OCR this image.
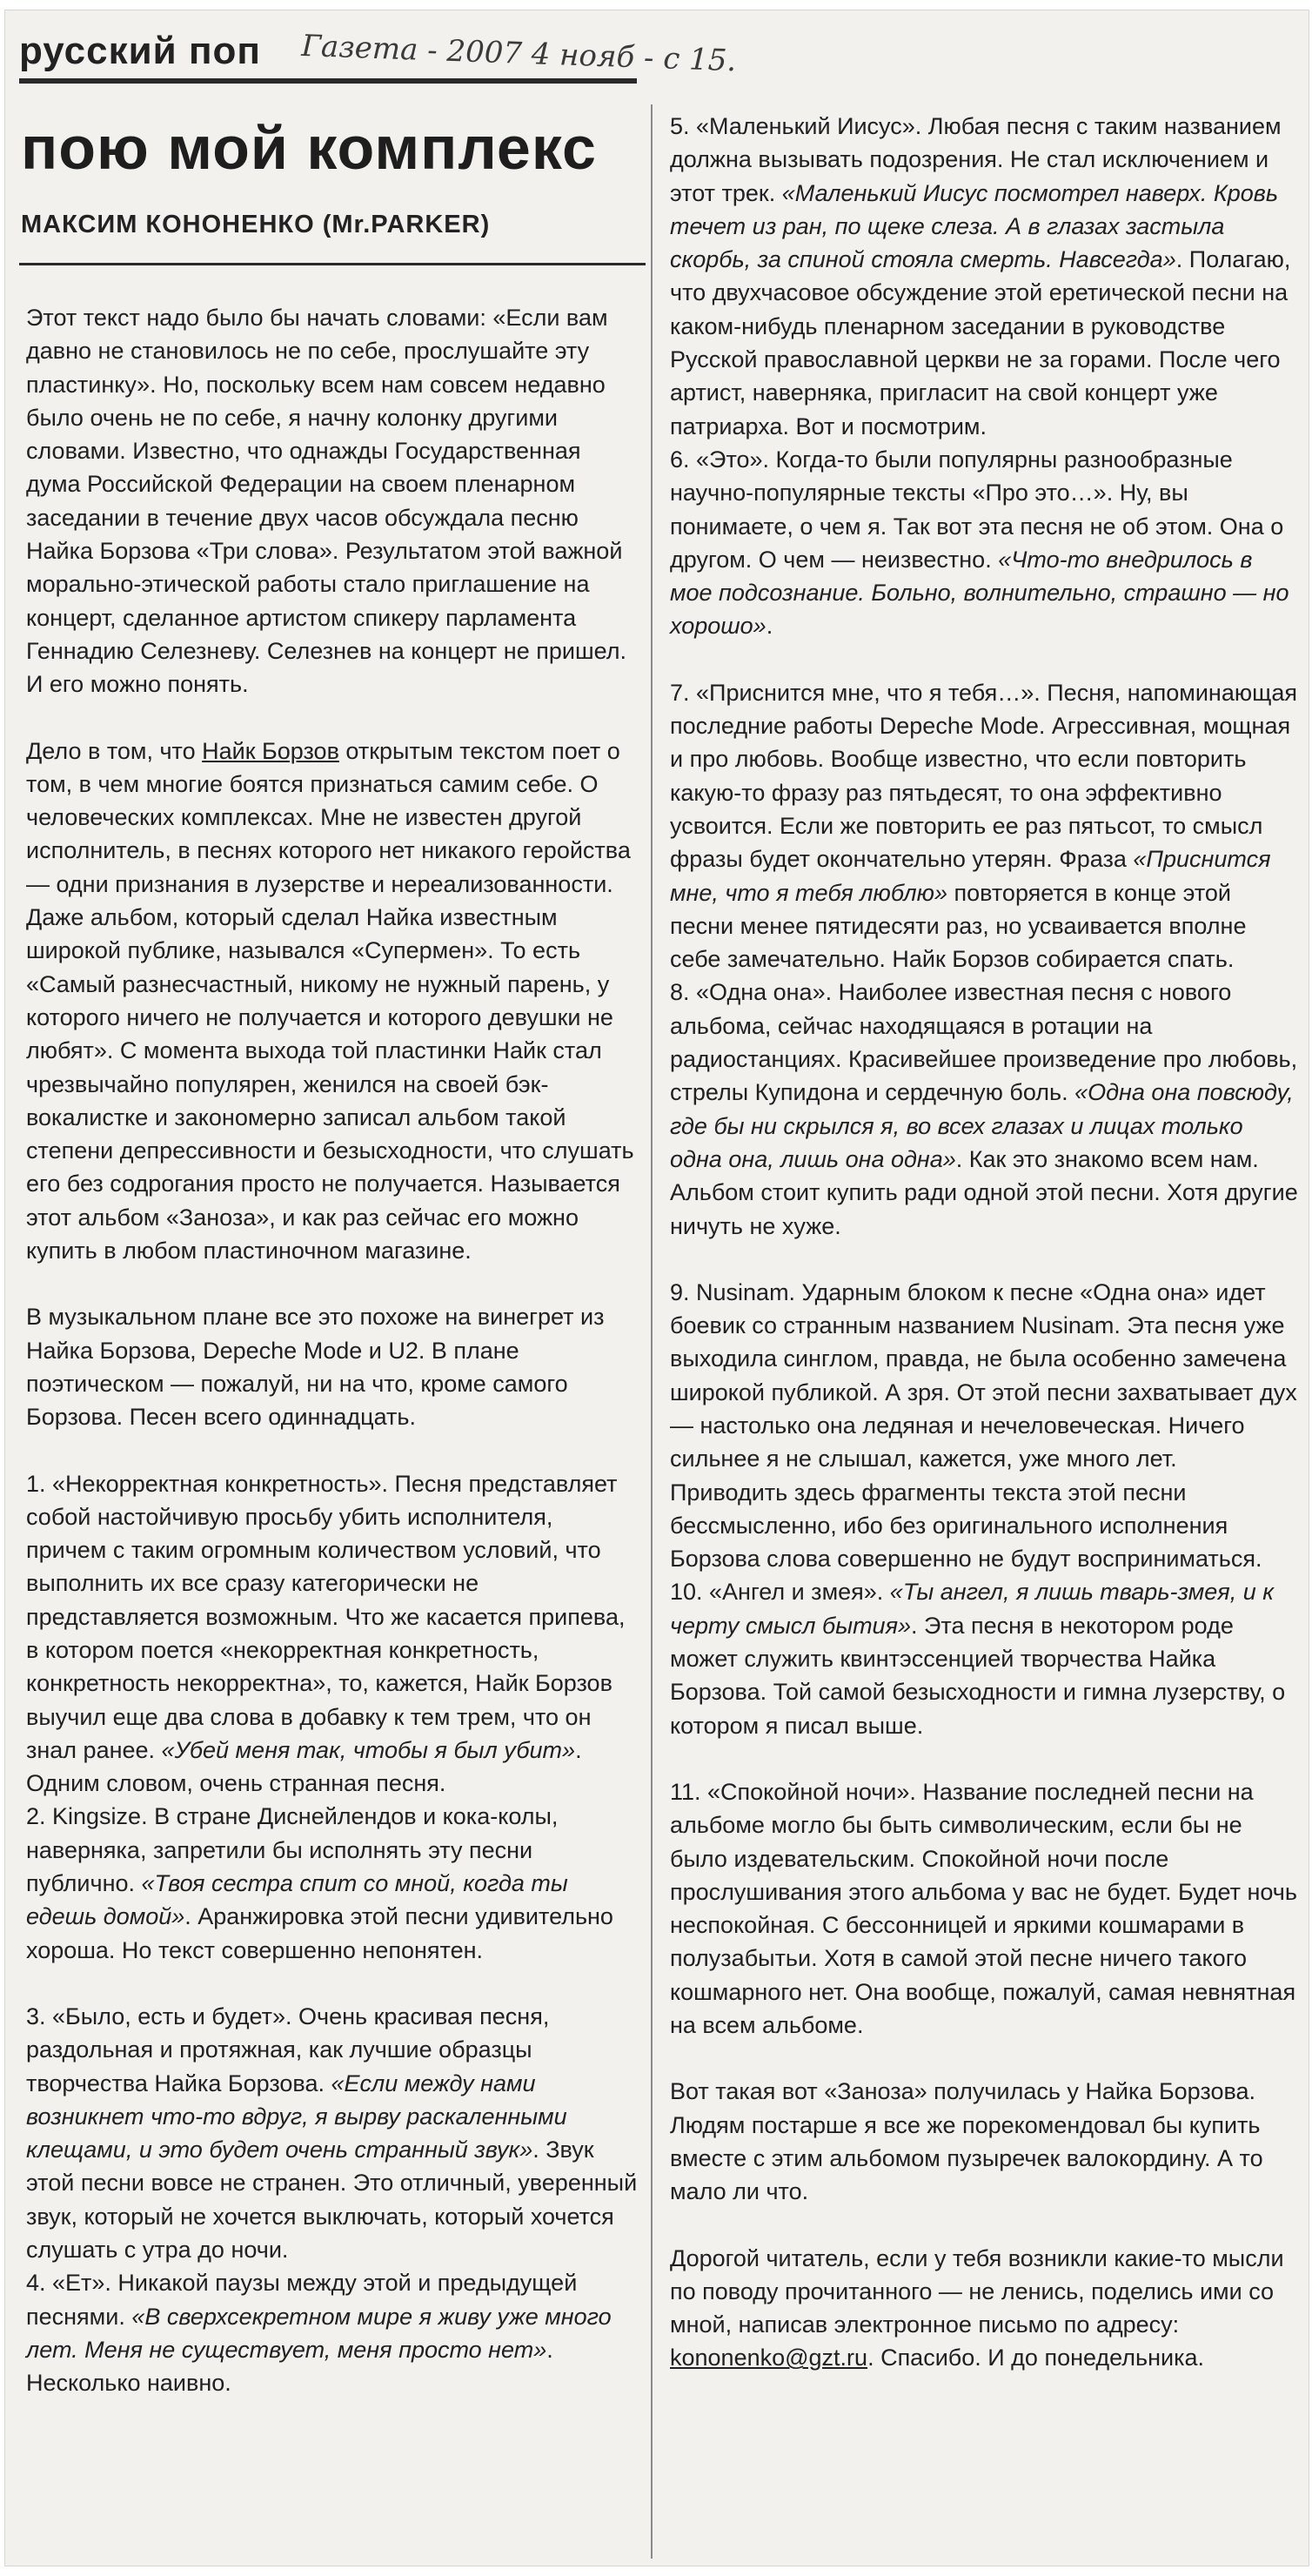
русский поп Газета - 2007 4 нояб - с 15.
пою мой комплекс
МАКСИМ КОНОНЕНКО (Mr.PARKER)

Этот текст надо было бы начать словами: «Если вам давно не становилось не по себе, прослушайте эту пластинку». Но, поскольку всем нам совсем недавно было очень не по себе, я начну колонку другими словами. Известно, что однажды Государственная дума Российской Федерации на своем пленарном заседании в течение двух часов обсуждала песню Найка Борзова «Три слова». Результатом этой важной морально-этической работы стало приглашение на концерт, сделанное артистом спикеру парламента Геннадию Селезневу. Селезнев на концерт не пришел. И его можно понять.

Дело в том, что Найк Борзов открытым текстом поет о том, в чем многие боятся признаться самим себе. О человеческих комплексах. Мне не известен другой исполнитель, в песнях которого нет никакого геройства — одни признания в лузерстве и нереализованности. Даже альбом, который сделал Найка известным широкой публике, назывался «Супермен». То есть «Самый разнесчастный, никому не нужный парень, у которого ничего не получается и которого девушки не любят». С момента выхода той пластинки Найк стал чрезвычайно популярен, женился на своей бэк-вокалистке и закономерно записал альбом такой степени депрессивности и безысходности, что слушать его без содрогания просто не получается. Называется этот альбом «Заноза», и как раз сейчас его можно купить в любом пластиночном магазине.

В музыкальном плане все это похоже на винегрет из Найка Борзова, Depeche Mode и U2. В плане поэтическом — пожалуй, ни на что, кроме самого Борзова. Песен всего одиннадцать.

1. «Некорректная конкретность». Песня представляет собой настойчивую просьбу убить исполнителя, причем с таким огромным количеством условий, что выполнить их все сразу категорически не представляется возможным. Что же касается припева, в котором поется «некорректная конкретность, конкретность некорректна», то, кажется, Найк Борзов выучил еще два слова в добавку к тем трем, что он знал ранее. «Убей меня так, чтобы я был убит». Одним словом, очень странная песня.
2. Kingsize. В стране Диснейлендов и кока-колы, наверняка, запретили бы исполнять эту песни публично. «Твоя сестра спит со мной, когда ты едешь домой». Аранжировка этой песни удивительно хороша. Но текст совершенно непонятен.

3. «Было, есть и будет». Очень красивая песня, раздольная и протяжная, как лучшие образцы творчества Найка Борзова. «Если между нами возникнет что-то вдруг, я вырву раскаленными клещами, и это будет очень странный звук». Звук этой песни вовсе не странен. Это отличный, уверенный звук, который не хочется выключать, который хочется слушать с утра до ночи.
4. «Ет». Никакой паузы между этой и предыдущей песнями. «В сверхсекретном мире я живу уже много лет. Меня не существует, меня просто нет». Несколько наивно.

5. «Маленький Иисус». Любая песня с таким названием должна вызывать подозрения. Не стал исключением и этот трек. «Маленький Иисус посмотрел наверх. Кровь течет из ран, по щеке слеза. А в глазах застыла скорбь, за спиной стояла смерть. Навсегда». Полагаю, что двухчасовое обсуждение этой еретической песни на каком-нибудь пленарном заседании в руководстве Русской православной церкви не за горами. После чего артист, наверняка, пригласит на свой концерт уже патриарха. Вот и посмотрим.
6. «Это». Когда-то были популярны разнообразные научно-популярные тексты «Про это…». Ну, вы понимаете, о чем я. Так вот эта песня не об этом. Она о другом. О чем — неизвестно. «Что-то внедрилось в мое подсознание. Больно, волнительно, страшно — но хорошо».

7. «Приснится мне, что я тебя…». Песня, напоминающая последние работы Depeche Mode. Агрессивная, мощная и про любовь. Вообще известно, что если повторить какую-то фразу раз пятьдесят, то она эффективно усвоится. Если же повторить ее раз пятьсот, то смысл фразы будет окончательно утерян. Фраза «Приснится мне, что я тебя люблю» повторяется в конце этой песни менее пятидесяти раз, но усваивается вполне себе замечательно. Найк Борзов собирается спать.
8. «Одна она». Наиболее известная песня с нового альбома, сейчас находящаяся в ротации на радиостанциях. Красивейшее произведение про любовь, стрелы Купидона и сердечную боль. «Одна она повсюду, где бы ни скрылся я, во всех глазах и лицах только одна она, лишь она одна». Как это знакомо всем нам. Альбом стоит купить ради одной этой песни. Хотя другие ничуть не хуже.

9. Nusinam. Ударным блоком к песне «Одна она» идет боевик со странным названием Nusinam. Эта песня уже выходила синглом, правда, не была особенно замечена широкой публикой. А зря. От этой песни захватывает дух — настолько она ледяная и нечеловеческая. Ничего сильнее я не слышал, кажется, уже много лет. Приводить здесь фрагменты текста этой песни бессмысленно, ибо без оригинального исполнения Борзова слова совершенно не будут восприниматься.
10. «Ангел и змея». «Ты ангел, я лишь тварь-змея, и к черту смысл бытия». Эта песня в некотором роде может служить квинтэссенцией творчества Найка Борзова. Той самой безысходности и гимна лузерству, о котором я писал выше.

11. «Спокойной ночи». Название последней песни на альбоме могло бы быть символическим, если бы не было издевательским. Спокойной ночи после прослушивания этого альбома у вас не будет. Будет ночь неспокойная. С бессонницей и яркими кошмарами в полузабытьи. Хотя в самой этой песне ничего такого кошмарного нет. Она вообще, пожалуй, самая невнятная на всем альбоме.

Вот такая вот «Заноза» получилась у Найка Борзова. Людям постарше я все же порекомендовал бы купить вместе с этим альбомом пузыречек валокордину. А то мало ли что.

Дорогой читатель, если у тебя возникли какие-то мысли по поводу прочитанного — не ленись, поделись ими со мной, написав электронное письмо по адресу: kononenko@gzt.ru. Спасибо. И до понедельника.
